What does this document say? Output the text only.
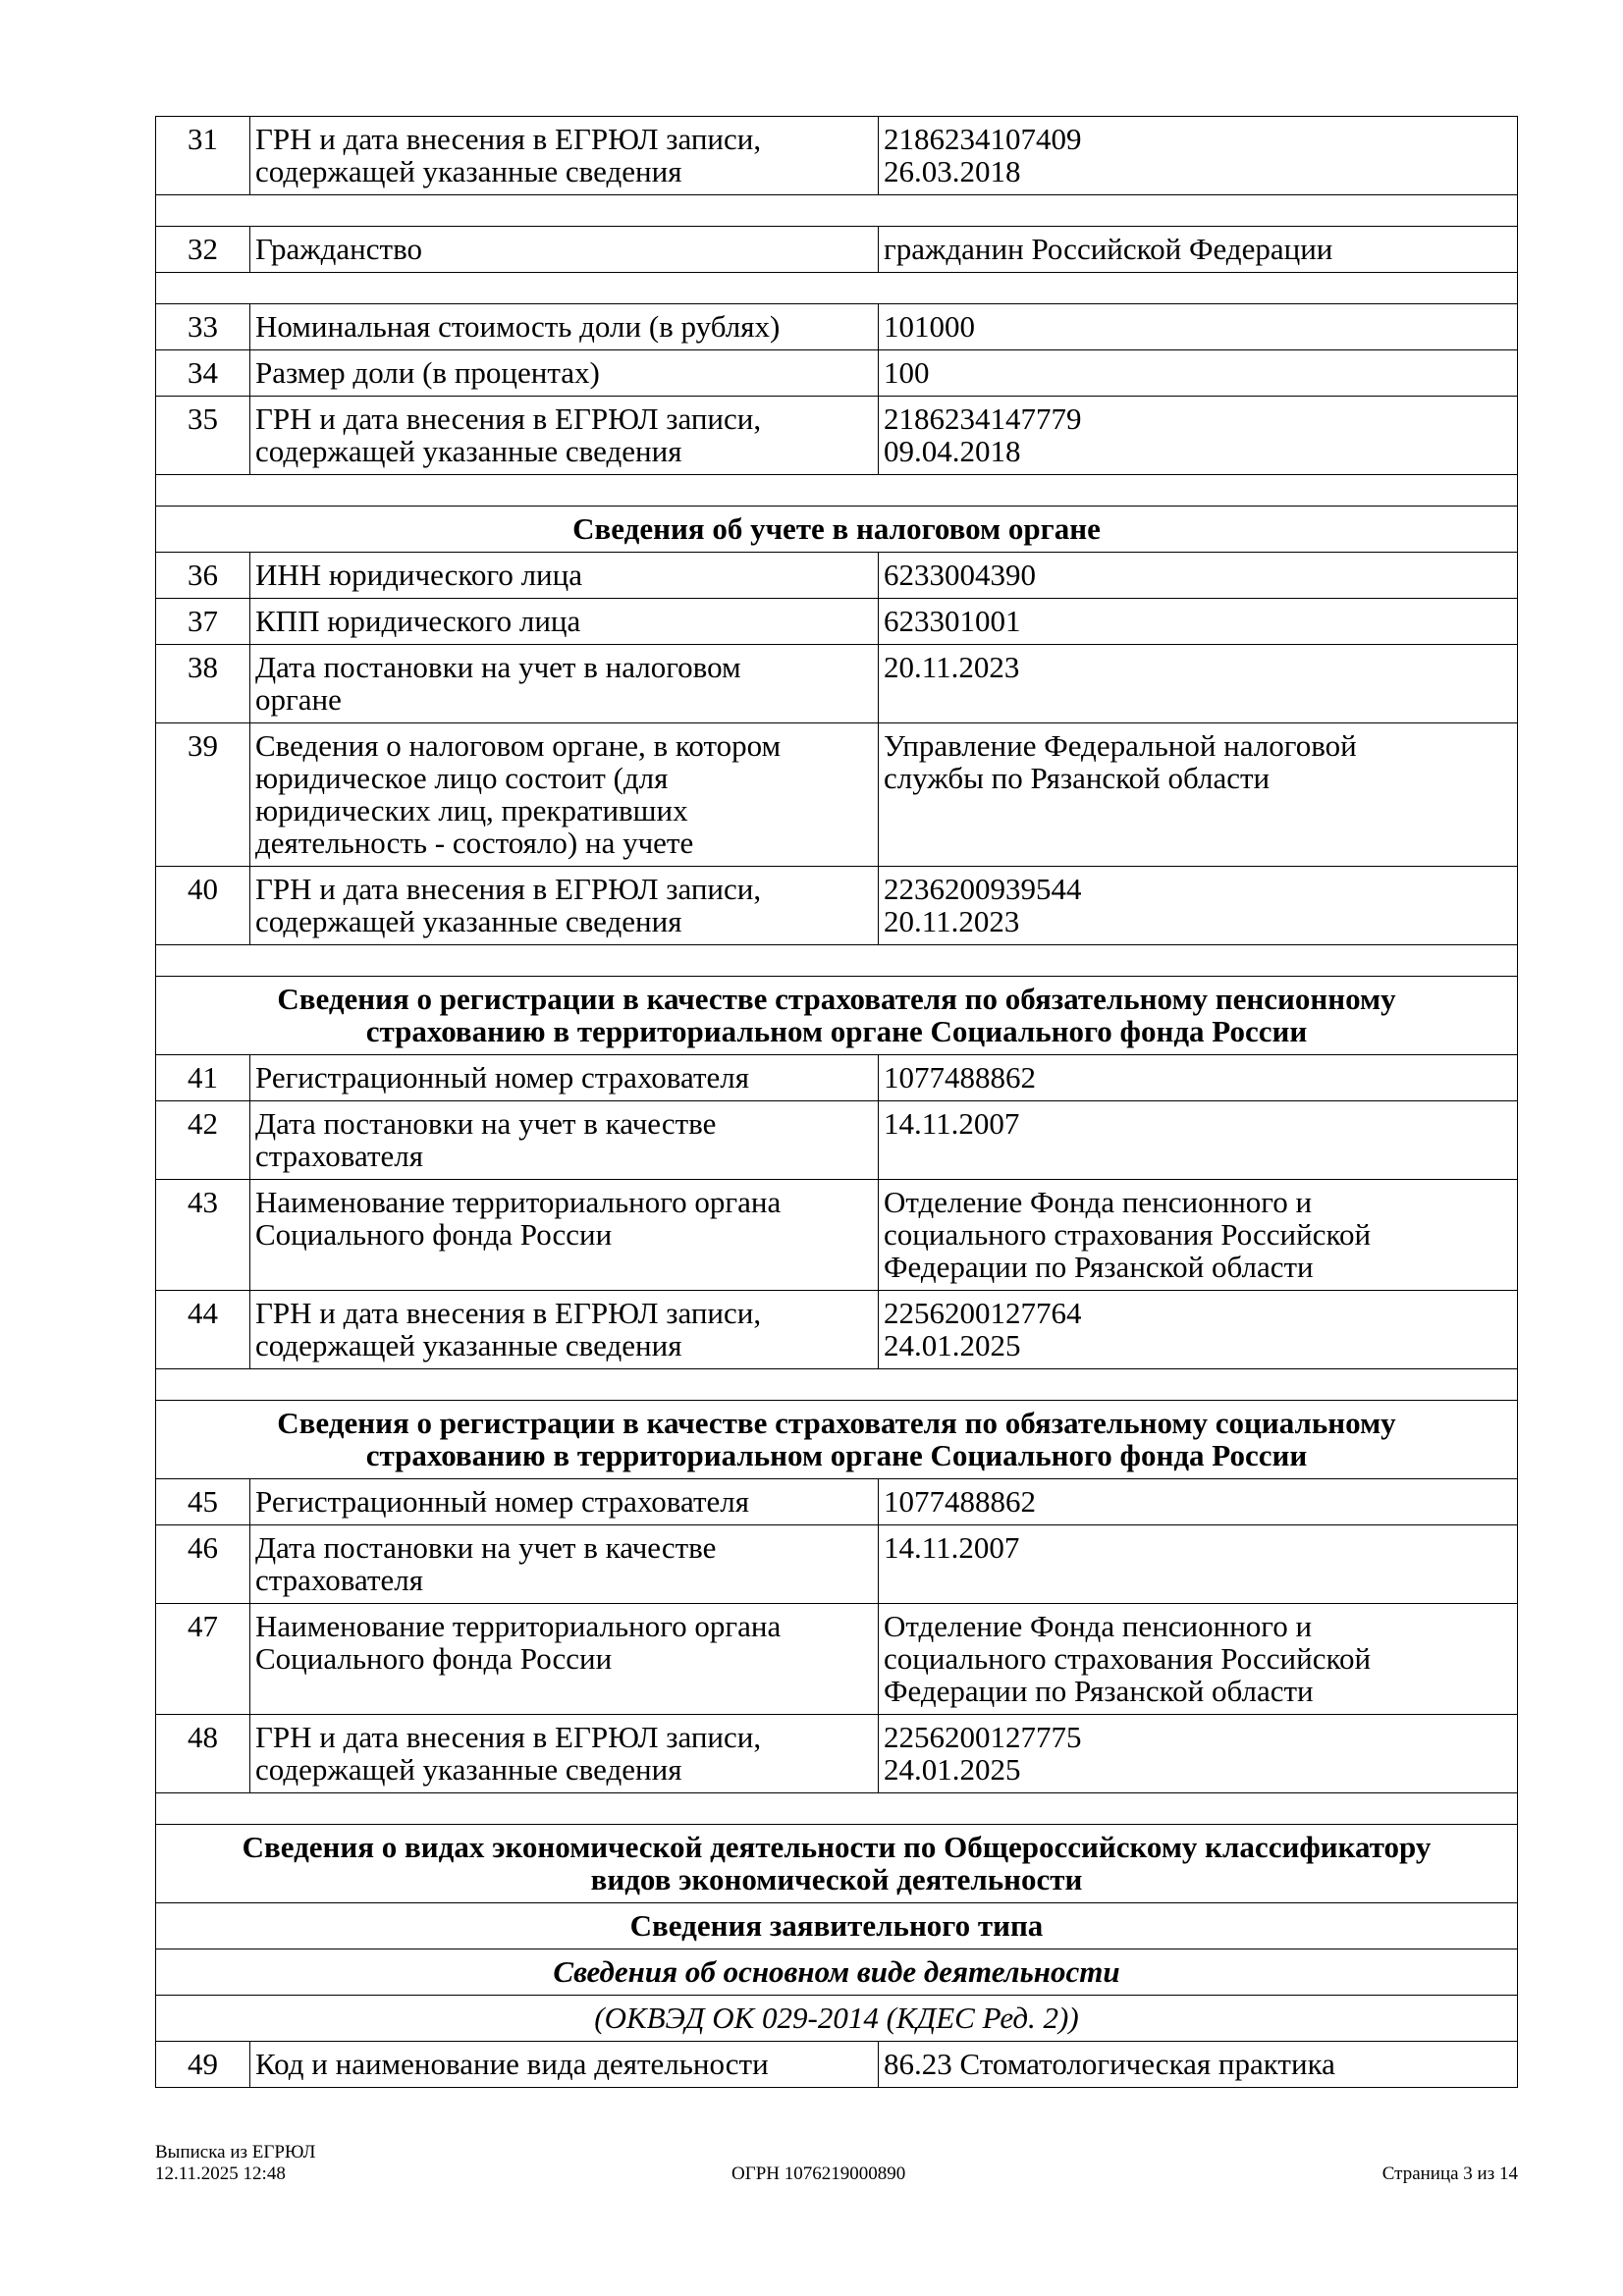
31	ГРН и дата внесения в ЕГРЮЛ записи,
содержащей указанные сведения	2186234107409
26.03.2018

32	Гражданство	гражданин Российской Федерации

33	Номинальная стоимость доли (в рублях)	101000

34	Размер доли (в процентах)	100

35	ГРН и дата внесения в ЕГРЮЛ записи,
содержащей указанные сведения	2186234147779
09.04.2018

Сведения об учете в налоговом органе		

36	ИНН юридического лица	6233004390

37	КПП юридического лица	623301001

38	Дата постановки на учет в налоговом
органе	20.11.2023

39	Сведения о налоговом органе, в котором
юридическое лицо состоит (для
юридических лиц, прекративших
деятельность - состояло) на учете	Управление Федеральной налоговой
службы по Рязанской области

40	ГРН и дата внесения в ЕГРЮЛ записи,
содержащей указанные сведения	2236200939544
20.11.2023

Сведения о регистрации в качестве страхователя по обязательному пенсионному
страхованию в территориальном органе Социального фонда России		

41	Регистрационный номер страхователя	1077488862

42	Дата постановки на учет в качестве
страхователя	14.11.2007

43	Наименование территориального органа
Социального фонда России	Отделение Фонда пенсионного и
социального страхования Российской
Федерации по Рязанской области

44	ГРН и дата внесения в ЕГРЮЛ записи,
содержащей указанные сведения	2256200127764
24.01.2025

Сведения о регистрации в качестве страхователя по обязательному социальному
страхованию в территориальном органе Социального фонда России		

45	Регистрационный номер страхователя	1077488862

46	Дата постановки на учет в качестве
страхователя	14.11.2007

47	Наименование территориального органа
Социального фонда России	Отделение Фонда пенсионного и
социального страхования Российской
Федерации по Рязанской области

48	ГРН и дата внесения в ЕГРЮЛ записи,
содержащей указанные сведения	2256200127775
24.01.2025

Сведения о видах экономической деятельности по Общероссийскому классификатору
видов экономической деятельности		

Сведения заявительного типа		

Сведения об основном виде деятельности		

(ОКВЭД ОК 029-2014 (КДЕС Ред. 2))		

49	Код и наименование вида деятельности	86.23 Стоматологическая практика
Выписка из ЕГРЮЛ
12.11.2025 12:48	ОГРН 1076219000890	Страница 3 из 14
